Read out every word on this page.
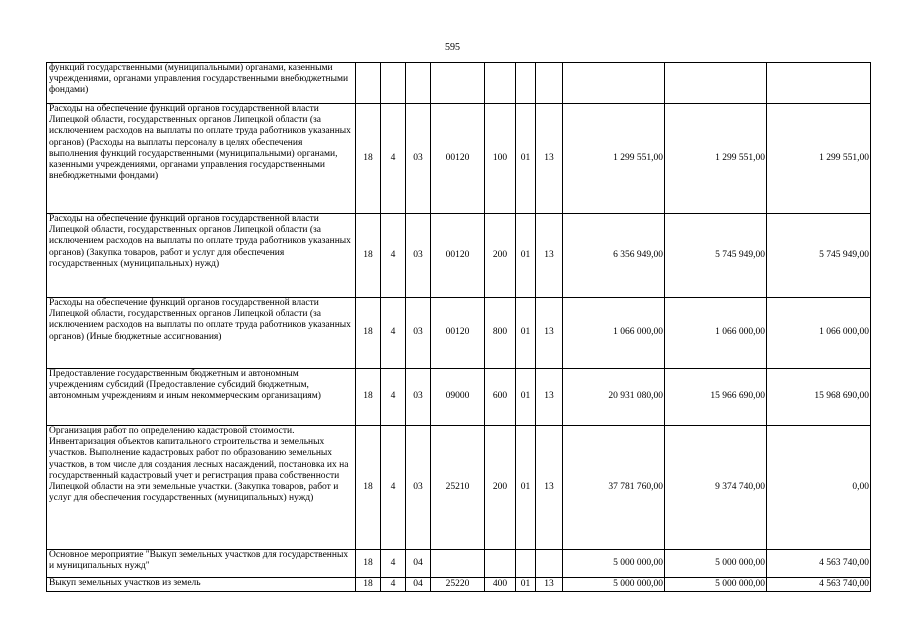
595
функций государственными (муниципальными) органами, казенными учреждениями, органами управления государственными внебюджетными фондами)										
Расходы на обеспечение функций органов государственной власти Липецкой области, государственных органов Липецкой области (за исключением расходов на выплаты по оплате труда работников указанных органов) (Расходы на выплаты персоналу в целях обеспечения выполнения функций государственными (муниципальными) органами, казенными учреждениями, органами управления государственными внебюджетными фондами)	18	4	03	00120	100	01	13	1 299 551,00	1 299 551,00	1 299 551,00
Расходы на обеспечение функций органов государственной власти Липецкой области, государственных органов Липецкой области (за исключением расходов на выплаты по оплате труда работников указанных органов) (Закупка товаров, работ и услуг для обеспечения государственных (муниципальных) нужд)	18	4	03	00120	200	01	13	6 356 949,00	5 745 949,00	5 745 949,00
Расходы на обеспечение функций органов государственной власти Липецкой области, государственных органов Липецкой области (за исключением расходов на выплаты по оплате труда работников указанных органов) (Иные бюджетные ассигнования)	18	4	03	00120	800	01	13	1 066 000,00	1 066 000,00	1 066 000,00
Предоставление государственным бюджетным и автономным учреждениям субсидий (Предоставление субсидий бюджетным, автономным учреждениям и иным некоммерческим организациям)	18	4	03	09000	600	01	13	20 931 080,00	15 966 690,00	15 968 690,00
Организация работ по определению кадастровой стоимости. Инвентаризация объектов капитального строительства и земельных участков. Выполнение кадастровых работ по образованию земельных участков, в том числе для создания лесных насаждений, постановка их на государственный кадастровый учет и регистрация права собственности Липецкой области на эти земельные участки. (Закупка товаров, работ и услуг для обеспечения государственных (муниципальных) нужд)	18	4	03	25210	200	01	13	37 781 760,00	9 374 740,00	0,00
Основное мероприятие "Выкуп земельных участков для государственных и муниципальных нужд"	18	4	04					5 000 000,00	5 000 000,00	4 563 740,00
Выкуп земельных участков из земель	18	4	04	25220	400	01	13	5 000 000,00	5 000 000,00	4 563 740,00
